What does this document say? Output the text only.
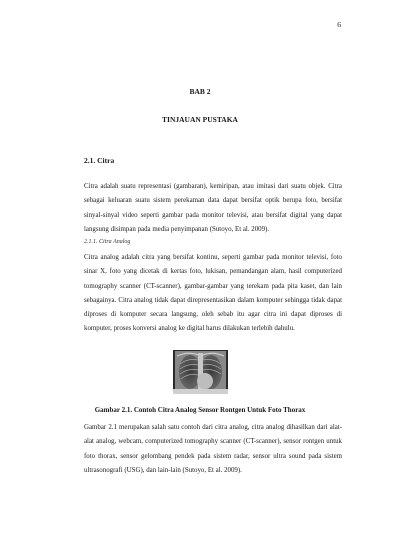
6
BAB 2
TINJAUAN PUSTAKA
2.1. Citra
Citra adalah suatu representasi (gambaran), kemiripan, atau imitasi dari suatu objek. Citra sebagai keluaran suatu sistem perekaman data dapat bersifat optik berupa foto, bersifat sinyal-sinyal video seperti gambar pada monitor televisi, atau bersifat digital yang dapat langsung disimpan pada media penyimpanan (Sutoyo, Et al. 2009).
2.1.1. Citra Analog
Citra analog adalah citra yang bersifat kontinu, seperti gambar pada monitor televisi, foto sinar X, foto yang dicetak di kertas foto, lukisan, pemandangan alam, hasil computerized tomography scanner (CT-scanner), gambar-gambar yang terekam pada pita kaset, dan lain sebagainya. Citra analog tidak dapat direpresentasikan dalam komputer sehingga tidak dapat diproses di komputer secara langsung, oleh sebab itu agar citra ini dapat diproses di komputer, proses konversi analog ke digital harus dilakukan terlebih dahulu.
Gambar 2.1. Contoh Citra Analog Sensor Rontgen Untuk Foto Thorax
Gambar 2.1 merupakan salah satu contoh dari citra analog, citra analog dihasilkan dari alat-alat analog, webcam, computerized tomography scanner (CT-scanner), sensor rontgen untuk foto thorax, sensor gelombang pendek pada sistem radar, sensor ultra sound pada sistem ultrasonografi (USG), dan lain-lain (Sutoyo, Et al. 2009).
